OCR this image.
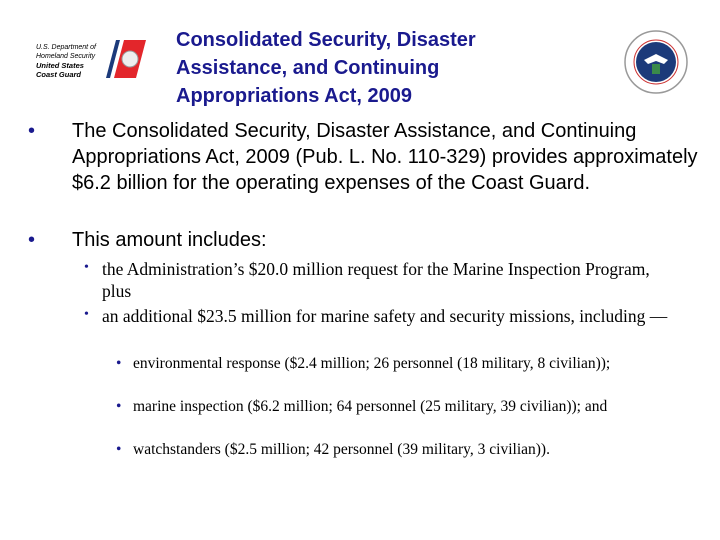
U.S. Department of
Homeland Security
United States
Coast Guard
Consolidated Security, Disaster
Assistance, and Continuing
Appropriations Act, 2009
• The Consolidated Security, Disaster Assistance, and Continuing Appropriations Act, 2009 (Pub. L. No. 110-329) provides approximately $6.2 billion for the operating expenses of the Coast Guard.
• This amount includes:
• the Administration’s $20.0 million request for the Marine Inspection Program, plus
• an additional $23.5 million for marine safety and security missions, including —
• environmental response ($2.4 million; 26 personnel (18 military, 8 civilian));
• marine inspection ($6.2 million; 64 personnel (25 military, 39 civilian)); and
• watchstanders ($2.5 million; 42 personnel (39 military, 3 civilian)).
